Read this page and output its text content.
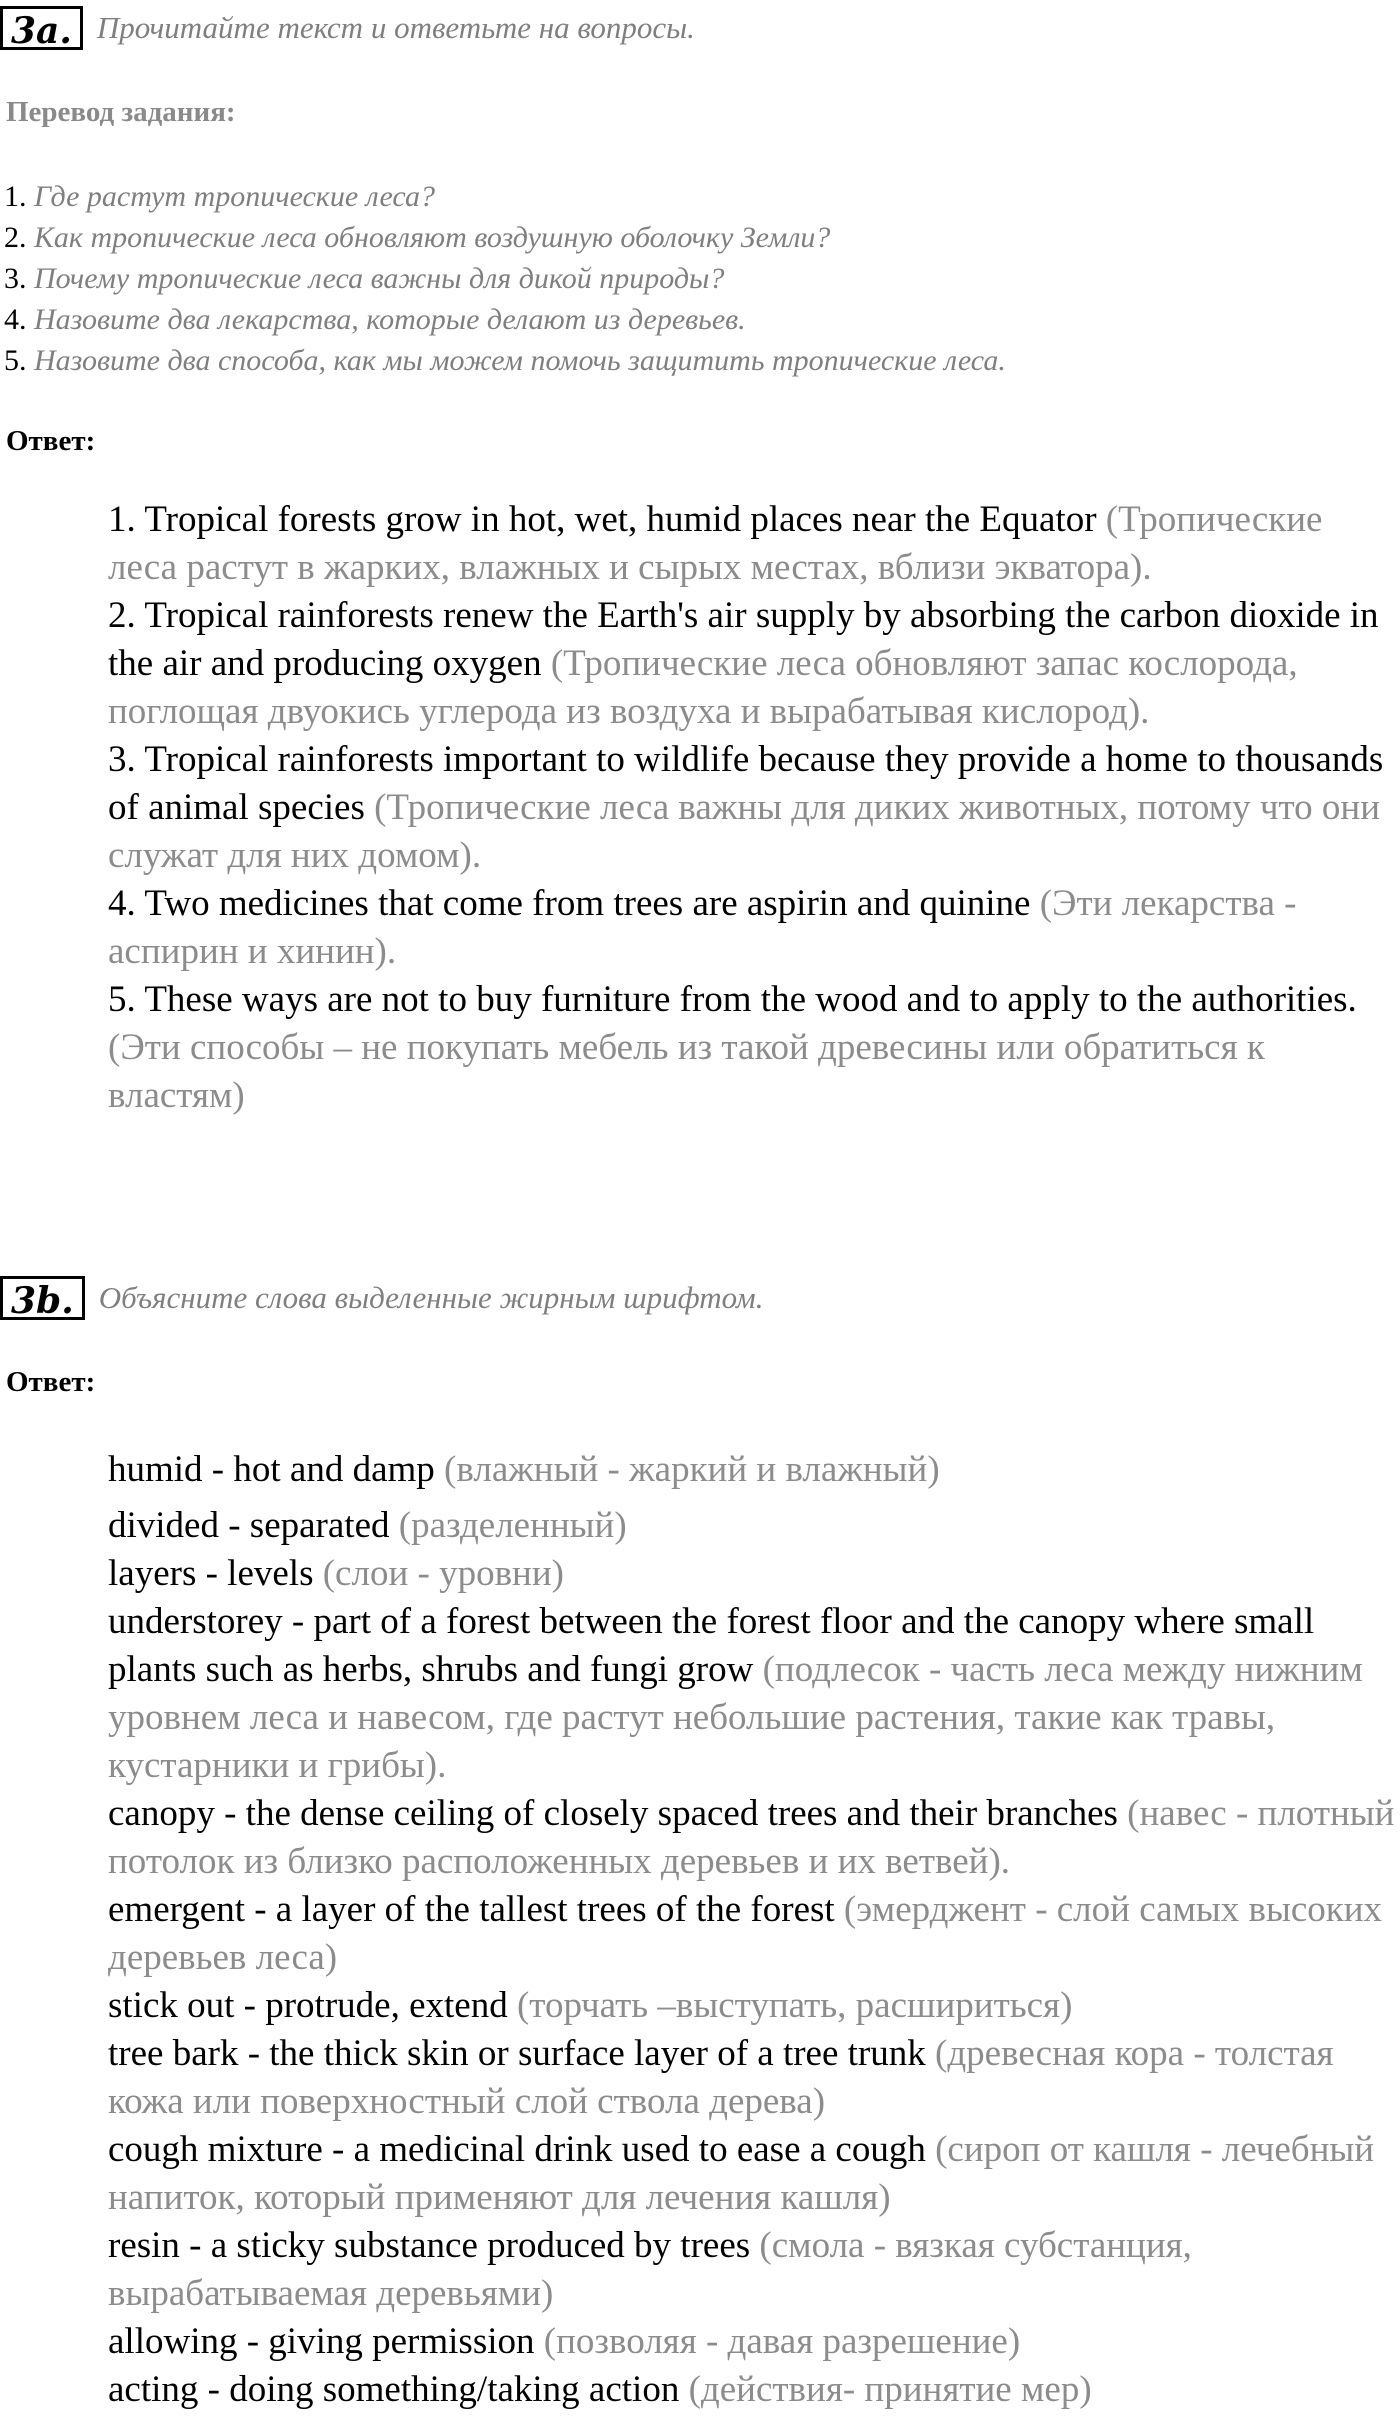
3a. Прочитайте текст и ответьте на вопросы.
Перевод задания:
1. Где растут тропические леса?
2. Как тропические леса обновляют воздушную оболочку Земли?
3. Почему тропические леса важны для дикой природы?
4. Назовите два лекарства, которые делают из деревьев.
5. Назовите два способа, как мы можем помочь защитить тропические леса.
Ответ:

1. Tropical forests grow in hot, wet, humid places near the Equator (Тропические леса растут в жарких, влажных и сырых местах, вблизи экватора).

2. Tropical rainforests renew the Earth's air supply by absorbing the carbon dioxide in the air and producing oxygen (Тропические леса обновляют запас кослорода, поглощая двуокись углерода из воздуха и вырабатывая кислород).

3. Tropical rainforests important to wildlife because they provide a home to thousands of animal species (Тропические леса важны для диких животных, потому что они служат для них домом).

4. Two medicines that come from trees are aspirin and quinine (Эти лекарства - аспирин и хинин).

5. These ways are not to buy furniture from the wood and to apply to the authorities. (Эти способы – не покупать мебель из такой древесины или обратиться к властям)

3b. Объясните слова выделенные жирным шрифтом.
Ответ:

humid - hot and damp (влажный - жаркий и влажный)

divided - separated (разделенный)

layers - levels (слои - уровни)

understorey - part of a forest between the forest floor and the canopy where small plants such as herbs, shrubs and fungi grow (подлесок - часть леса между нижним уровнем леса и навесом, где растут небольшие растения, такие как травы, кустарники и грибы).

canopy - the dense ceiling of closely spaced trees and their branches (навес - плотный потолок из близко расположенных деревьев и их ветвей).

emergent - a layer of the tallest trees of the forest (эмерджент - слой самых высоких деревьев леса)

stick out - protrude, extend (торчать –выступать, расшириться)

tree bark - the thick skin or surface layer of a tree trunk (древесная кора - толстая кожа или поверхностный слой ствола дерева)

cough mixture - a medicinal drink used to ease a cough (сироп от кашля - лечебный напиток, который применяют для лечения кашля)

resin - a sticky substance produced by trees (смола - вязкая субстанция, вырабатываемая деревьями)

allowing - giving permission (позволяя - давая разрешение)

acting - doing something/taking action (действия- принятие мер)
